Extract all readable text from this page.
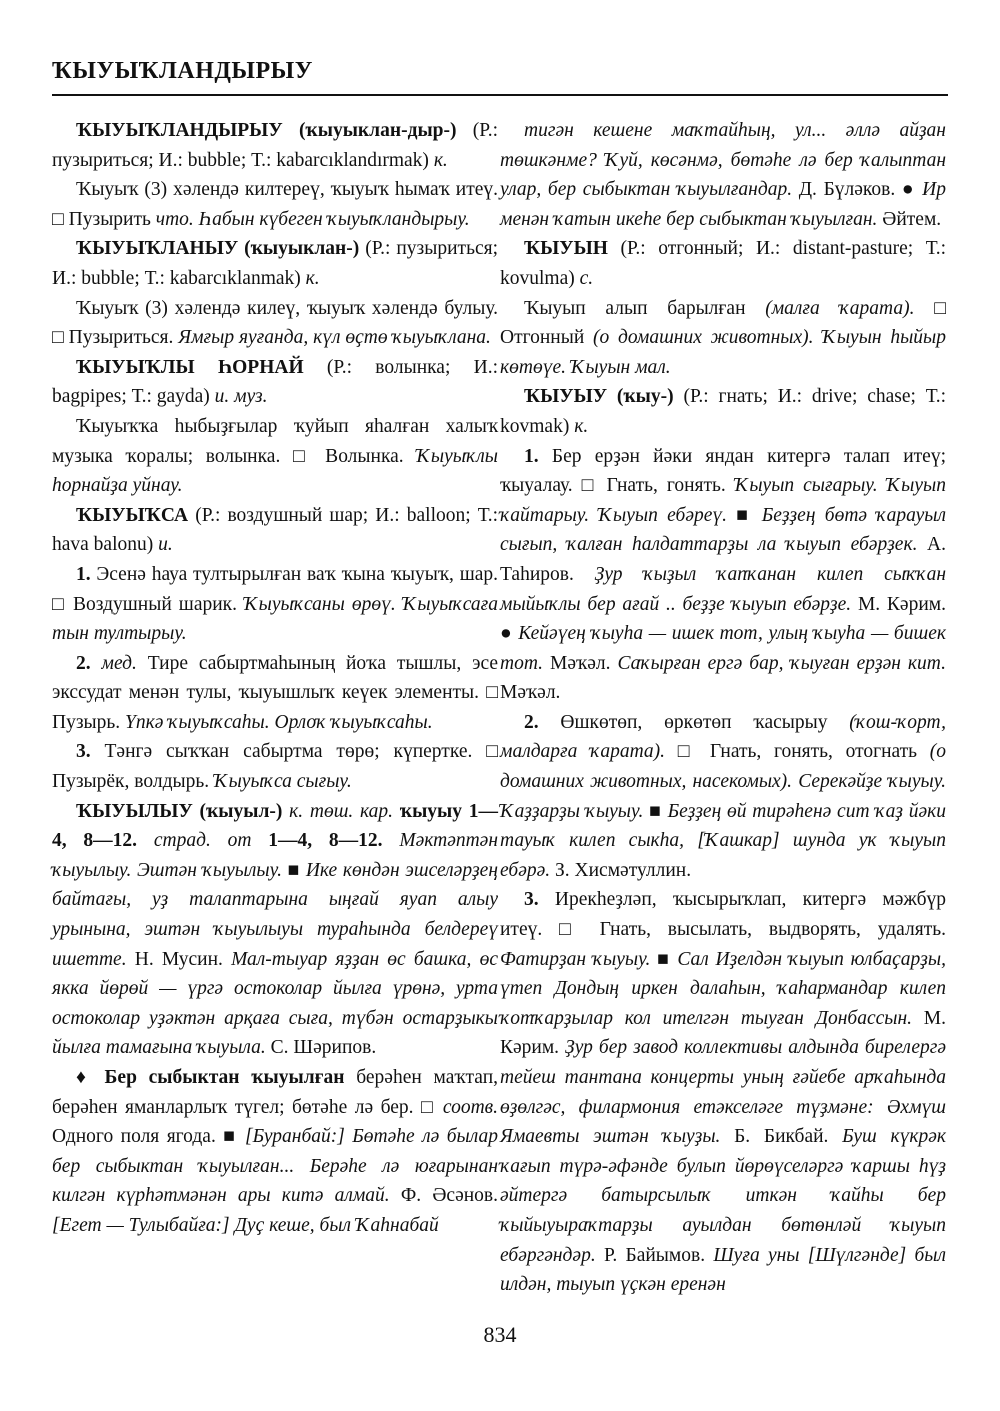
ҠЫУЫҠЛАНДЫРЫУ

ҠЫУЫҠЛАНДЫРЫУ (ҡыуыклан-дыр-) (Р.: пузыриться; И.: bubble; Т.: kabarcıklandırmak) к.

Ҡыуыҡ (3) хәлендә килтереү, ҡыуыҡ һымаҡ итеү. □ Пузырить что. Һабын күбеген ҡыуыҡландырыу.

ҠЫУЫҠЛАНЫУ (ҡыуыклан-) (Р.: пузыриться; И.: bubble; Т.: kabarcıklanmak) к.

Ҡыуыҡ (3) хәлендә килеү, ҡыуыҡ хәлендә булыу. □ Пузыриться. Ямғыр яуғанда, күл өҫтө ҡыуыҡлана.

ҠЫУЫҠЛЫ ҺОРНАЙ (Р.: волынка; И.: bagpipes; Т.: gayda) и. муз.

Ҡыуыҡҡа һыбыҙғылар ҡуйып яһалған халыҡ музыка ҡоралы; волынка. □ Волынка. Ҡыуыҡлы һорнайҙа уйнау.

ҠЫУЫҠСА (Р.: воздушный шар; И.: balloon; Т.: hava balonu) и.

1. Эсенә һауа тултырылған ваҡ ҡына ҡыуыҡ, шар. □ Воздушный шарик. Ҡыуыҡсаны өрөү. Ҡыуыҡсаға тын тултырыу.

2. мед. Тире сабыртмаһының йоҡа тышлы, эсе экссудат менән тулы, ҡыуышлыҡ кеүек элементы. □ Пузырь. Үпкә ҡыуыҡсаһы. Орлоҡ ҡыуыҡсаһы.

3. Тәнгә сыҡҡан сабыртма төрө; күпертке. □ Пузырёк, волдырь. Ҡыуыҡса сығыу.

ҠЫУЫЛЫУ (ҡыуыл-) к. төш. кар. ҡыуыу 1—4, 8—12. страд. от 1—4, 8—12. Мәктәптән ҡыуылыу. Эштән ҡыуылыу. ■ Ике көндән эшселәрҙең байтағы, уҙ талаптарына ыңғай яуап алыу урынына, эштән ҡыуылыуы тураһында белдереү ишетте. Н. Мусин. Мал-тыуар яҙҙан өс башка, өс якка йөрөй — үргә остоколар йылға үрөнә, урта остоколар уҙәктән арқаға сыға, түбән остарҙыкы йылға тамағына ҡыуыла. С. Шәрипов.

♦ Бер сыбыктан ҡыуылған берәһен маҡтап, берәһен яманларлыҡ түгел; бөтәһе лә бер. □ соотв. Одного поля ягода. ■ [Буранбай:] Бөтәһе лә былар бер сыбыктан ҡыуылған... Берәһе лә юғарынан килгән күрһәтмәнән ары китә алмай. Ф. Әсәнов. [Егет — Тулыбайға:] Дуҫ кеше, был Ҡаһнабай

тигән кешене маҡтайһың, ул... әллә айҙан төшкәнме? Ҡуй, көсәнмә, бөтәһе лә бер ҡалыптан улар, бер сыбыктан ҡыуылғандар. Д. Бүләков. ● Ир менән ҡатын икеһе бер сыбыктан ҡыуылған. Әйтем.

ҠЫУЫН (Р.: отгонный; И.: distant-pasture; Т.: kovulma) с.

Ҡыуып алып барылған (малға ҡарата). □ Отгонный (о домашних животных). Ҡыуын һыйыр көтөүе. Ҡыуын мал.

ҠЫУЫУ (ҡыу-) (Р.: гнать; И.: drive; chase; Т.: kovmak) к.

1. Бер ерҙән йәки яндан китергә талап итеү; ҡыуалау. □ Гнать, гонять. Ҡыуып сығарыу. Ҡыуып ҡайтарыу. Ҡыуып ебәреү. ■ Беҙҙең бөтә ҡарауыл сығып, ҡалған һалдаттарҙы ла ҡыуып ебәрҙек. А. Таһиров. Ҙур ҡыҙыл ҡапҡанан килеп сыҡҡан мыйыҡлы бер ағай .. беҙҙе ҡыуып ебәрҙе. М. Кәрим. ● Кейәүең ҡыуһа — ишек тот, улың ҡыуһа — бишек тот. Мәҡәл. Саҡырған ергә бар, ҡыуған ерҙән кит. Мәҡәл.

2. Өшкөтөп, өркөтөп ҡасырыу (ҡош-ҡорт, малдарға ҡарата). □ Гнать, гонять, отогнать (о домашних животных, насекомых). Серекәйҙе ҡыуыу. Ҡаҙҙарҙы ҡыуыу. ■ Беҙҙең өй тирәһенә сит ҡаҙ йәки тауыҡ килеп сыкһа, [Ҡашкар] шунда уҡ ҡыуып ебәрә. З. Хисмәтуллин.

3. Ирекһеҙләп, ҡысырыҡлап, китергә мәжбүр итеү. □ Гнать, высылать, выдворять, удалять. Фатирҙан ҡыуыу. ■ Сал Иҙелдән ҡыуып юлбаҫарҙы, үтеп Дондың иркен далаһын, ҡаһармандар килеп ҡотҡарҙылар кол ителгән тыуған Донбассын. М. Кәрим. Ҙур бер завод коллективы алдында бирелергә тейеш тантана концерты уның ғәйебе арҡаһында өҙөлгәс, филармония етәкселәге түҙмәне: Әхмүш Ямаевты эштән ҡыуҙы. Б. Бикбай. Буш күкрәк ҡағып түрә-әфәнде булып йөрөүселәргә ҡаршы һүҙ әйтергә батырсылыҡ иткән ҡайһы бер ҡыйыуыраҡтарҙы ауылдан бөтөнләй ҡыуып ебәргәндәр. Р. Байымов. Шуға уны [Шүлгәнде] был илдән, тыуып үҫкән еренән

834
